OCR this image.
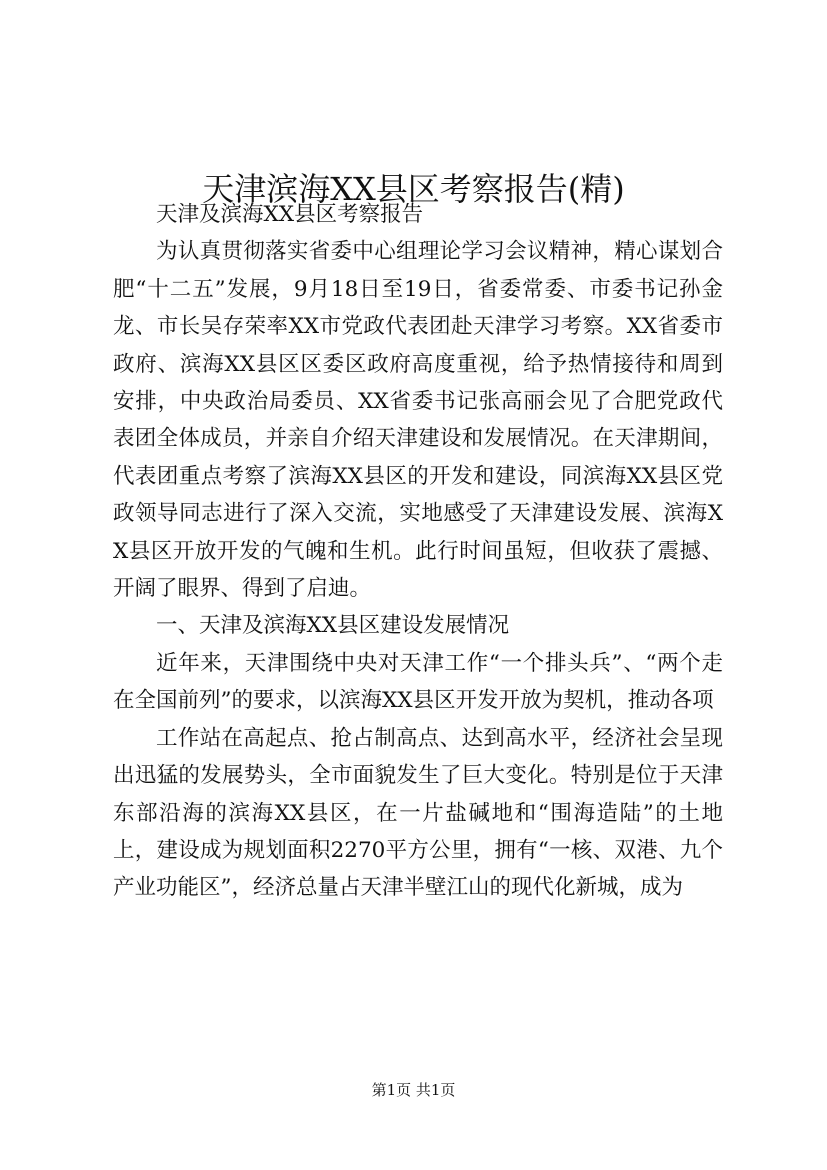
天津滨海XX县区考察报告(精)

天津及滨海XX县区考察报告

为认真贯彻落实省委中心组理论学习会议精神，精心谋划合肥“十二五”发展，9月18日至19日，省委常委、市委书记孙金龙、市长吴存荣率XX市党政代表团赴天津学习考察。XX省委市政府、滨海XX县区区委区政府高度重视，给予热情接待和周到安排，中央政治局委员、XX省委书记张高丽会见了合肥党政代表团全体成员，并亲自介绍天津建设和发展情况。在天津期间，代表团重点考察了滨海XX县区的开发和建设，同滨海XX县区党政领导同志进行了深入交流，实地感受了天津建设发展、滨海XX县区开放开发的气魄和生机。此行时间虽短，但收获了震撼、开阔了眼界、得到了启迪。

一、天津及滨海XX县区建设发展情况

近年来，天津围绕中央对天津工作“一个排头兵”、“两个走在全国前列”的要求，以滨海XX县区开发开放为契机，推动各项

工作站在高起点、抢占制高点、达到高水平，经济社会呈现出迅猛的发展势头，全市面貌发生了巨大变化。特别是位于天津东部沿海的滨海XX县区，在一片盐碱地和“围海造陆”的土地上，建设成为规划面积2270平方公里，拥有“一核、双港、九个产业功能区”，经济总量占天津半壁江山的现代化新城，成为

第1页 共1页
